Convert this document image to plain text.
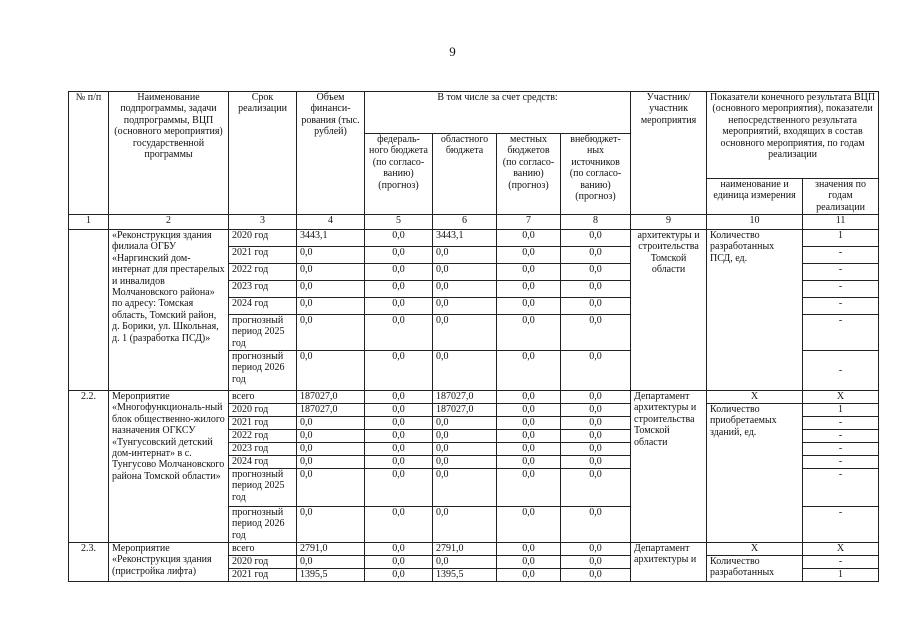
9
№ п/п	Наименование подпрограммы, задачи подпрограммы, ВЦП (основного мероприятия) государственной программы	Срок реализации	Объем финанси-рования (тыс. рублей)	В том числе за счет средств:				Участник/ участник мероприятия	Показатели конечного результата ВЦП (основного мероприятия), показатели непосредственного результата мероприятий, входящих в состав основного мероприятия, по годам реализации	
				федераль-ного бюджета (по согласо-ванию) (прогноз)	областного бюджета	местных бюджетов (по согласо-ванию) (прогноз)	внебюджет-ных источников (по согласо-ванию) (прогноз)			
									наименование и единица измерения	значения по годам реализации
1	2	3	4	5	6	7	8	9	10	11
	«Реконструкция здания филиала ОГБУ «Наргинский дом-интернат для престарелых и инвалидов Молчановского района» по адресу: Томская область, Томский район, д. Борики, ул. Школьная, д. 1 (разработка ПСД)»	2020 год	3443,1	0,0	3443,1	0,0	0,0	архитектуры и строительства Томской области	Количество разработанных ПСД, ед.	1
		2021 год	0,0	0,0	0,0	0,0	0,0			-
		2022 год	0,0	0,0	0,0	0,0	0,0			-
		2023 год	0,0	0,0	0,0	0,0	0,0			-
		2024 год	0,0	0,0	0,0	0,0	0,0			-
		прогнозный период 2025 год	0,0	0,0	0,0	0,0	0,0			-
		прогнозный период 2026 год	0,0	0,0	0,0	0,0	0,0			-
2.2.	Мероприятие «Многофункциональ-ный блок общественно-жилого назначения ОГКСУ «Тунгусовский детский дом-интернат» в с. Тунгусово Молчановского района Томской области»	всего	187027,0	0,0	187027,0	0,0	0,0	Департамент архитектуры и строительства Томской области	X	X
		2020 год	187027,0	0,0	187027,0	0,0	0,0		Количество приобретаемых зданий, ед.	1
		2021 год	0,0	0,0	0,0	0,0	0,0			-
		2022 год	0,0	0,0	0,0	0,0	0,0			-
		2023 год	0,0	0,0	0,0	0,0	0,0			-
		2024 год	0,0	0,0	0,0	0,0	0,0			-
		прогнозный период 2025 год	0,0	0,0	0,0	0,0	0,0			-
		прогнозный период 2026 год	0,0	0,0	0,0	0,0	0,0			-
2.3.	Мероприятие «Реконструкция здания (пристройка лифта)	всего	2791,0	0,0	2791,0	0,0	0,0	Департамент архитектуры и	X	X
		2020 год	0,0	0,0	0,0	0,0	0,0		Количество разработанных	-
		2021 год	1395,5	0,0	1395,5	0,0	0,0			1
